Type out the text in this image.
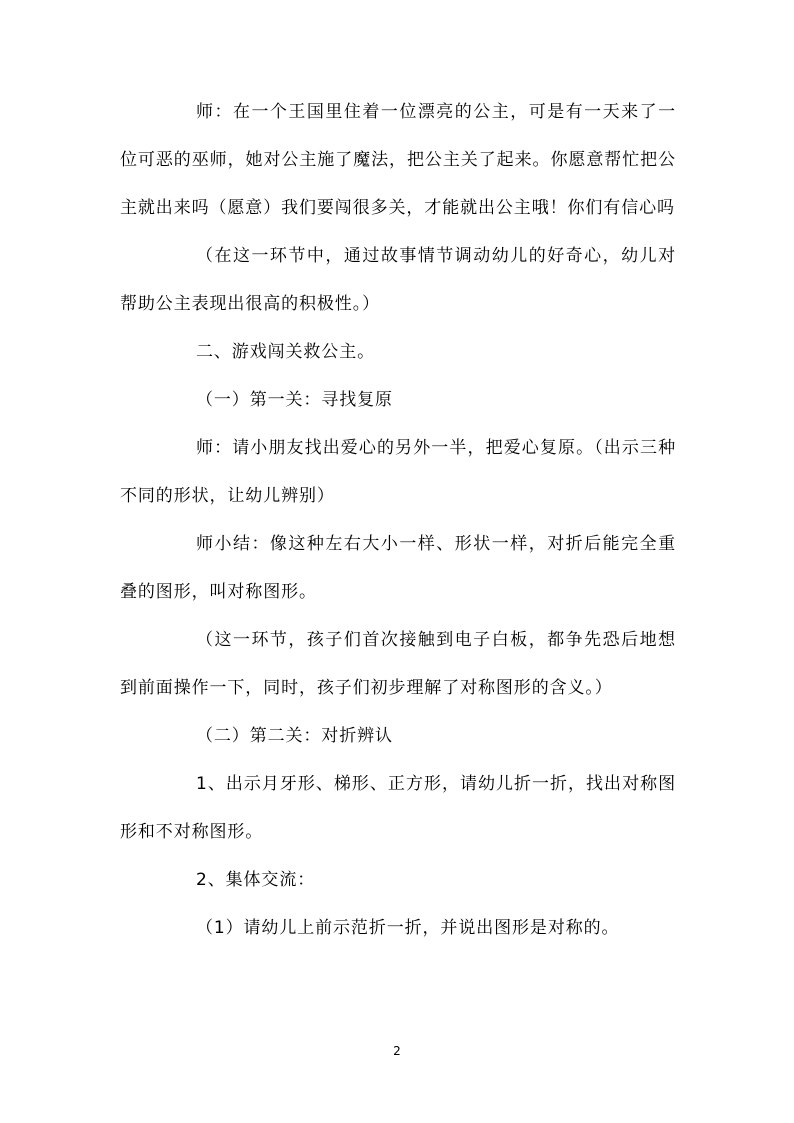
师：在一个王国里住着一位漂亮的公主，可是有一天来了一位可恶的巫师，她对公主施了魔法，把公主关了起来。你愿意帮忙把公主就出来吗（愿意）我们要闯很多关，才能就出公主哦！你们有信心吗

（在这一环节中，通过故事情节调动幼儿的好奇心，幼儿对帮助公主表现出很高的积极性。）

二、游戏闯关救公主。

（一）第一关：寻找复原

师：请小朋友找出爱心的另外一半，把爱心复原。（出示三种不同的形状，让幼儿辨别）

师小结：像这种左右大小一样、形状一样，对折后能完全重叠的图形，叫对称图形。

（这一环节，孩子们首次接触到电子白板，都争先恐后地想到前面操作一下，同时，孩子们初步理解了对称图形的含义。）

（二）第二关：对折辨认

1、出示月牙形、梯形、正方形，请幼儿折一折，找出对称图形和不对称图形。

2、集体交流：

（1）请幼儿上前示范折一折，并说出图形是对称的。

2
